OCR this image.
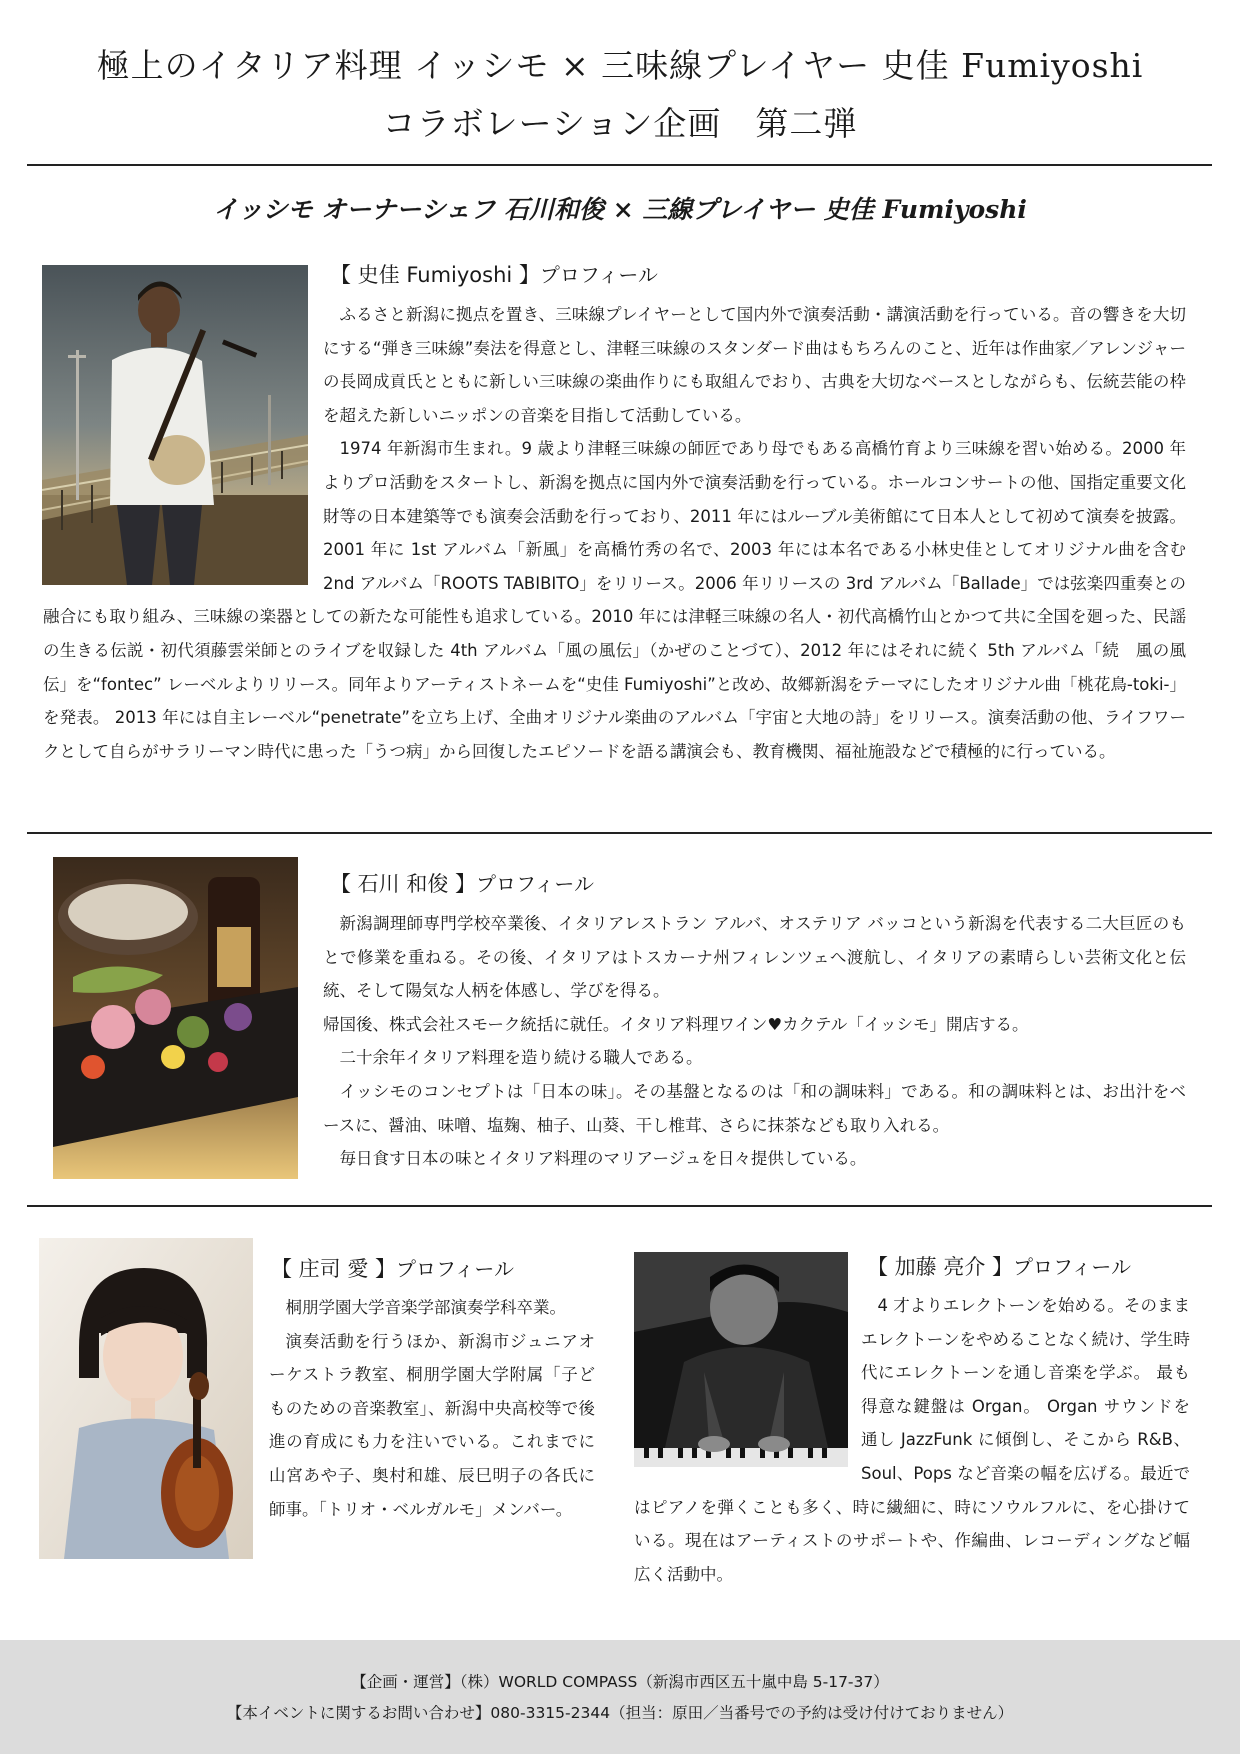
極上のイタリア料理 イッシモ × 三味線プレイヤー 史佳 Fumiyoshi
コラボレーション企画　第二弾
イッシモ オーナーシェフ 石川和俊 × 三線プレイヤー 史佳 Fumiyoshi
【 史佳 Fumiyoshi 】プロフィール

ふるさと新潟に拠点を置き、三味線プレイヤーとして国内外で演奏活動・講演活動を行っている。音の響きを大切にする“弾き三味線”奏法を得意とし、津軽三味線のスタンダード曲はもちろんのこと、近年は作曲家／アレンジャーの長岡成貢氏とともに新しい三味線の楽曲作りにも取組んでおり、古典を大切なベースとしながらも、伝統芸能の枠を超えた新しいニッポンの音楽を目指して活動している。

1974 年新潟市生まれ。9 歳より津軽三味線の師匠であり母でもある高橋竹育より三味線を習い始める。2000 年よりプロ活動をスタートし、新潟を拠点に国内外で演奏活動を行っている。ホールコンサートの他、国指定重要文化財等の日本建築等でも演奏会活動を行っており、2011 年にはルーブル美術館にて日本人として初めて演奏を披露。2001 年に 1st アルバム「新風」を高橋竹秀の名で、2003 年には本名である小林史佳としてオリジナル曲を含む 2nd アルバム「ROOTS TABIBITO」をリリース。2006 年リリースの 3rd アルバム「Ballade」では弦楽四重奏との融合にも取り組み、三味線の楽器としての新たな可能性も追求している。2010 年には津軽三味線の名人・初代高橋竹山とかつて共に全国を廻った、民謡の生きる伝説・初代須藤雲栄師とのライブを収録した 4th アルバム「風の風伝」（かぜのことづて）、2012 年にはそれに続く 5th アルバム「続　風の風伝」を“fontec” レーベルよりリリース。同年よりアーティストネームを“史佳 Fumiyoshi”と改め、故郷新潟をテーマにしたオリジナル曲「桃花鳥-toki-」を発表。 2013 年には自主レーベル“penetrate”を立ち上げ、全曲オリジナル楽曲のアルバム「宇宙と大地の詩」をリリース。演奏活動の他、ライフワークとして自らがサラリーマン時代に患った「うつ病」から回復したエピソードを語る講演会も、教育機関、福祉施設などで積極的に行っている。

【 石川 和俊 】プロフィール

新潟調理師専門学校卒業後、イタリアレストラン アルバ、オステリア バッコという新潟を代表する二大巨匠のもとで修業を重ねる。その後、イタリアはトスカーナ州フィレンツェへ渡航し、イタリアの素晴らしい芸術文化と伝統、そして陽気な人柄を体感し、学びを得る。

帰国後、株式会社スモーク統括に就任。イタリア料理ワイン♥カクテル「イッシモ」開店する。

二十余年イタリア料理を造り続ける職人である。

イッシモのコンセプトは「日本の味」。その基盤となるのは「和の調味料」である。和の調味料とは、お出汁をベースに、醤油、味噌、塩麹、柚子、山葵、干し椎茸、さらに抹茶なども取り入れる。

毎日食す日本の味とイタリア料理のマリアージュを日々提供している。

【 庄司 愛 】プロフィール

桐朋学園大学音楽学部演奏学科卒業。

演奏活動を行うほか、新潟市ジュニアオーケストラ教室、桐朋学園大学附属「子どものための音楽教室」、新潟中央高校等で後進の育成にも力を注いでいる。これまでに山宮あや子、奥村和雄、辰巳明子の各氏に師事。「トリオ・ベルガルモ」メンバー。

【 加藤 亮介 】プロフィール

4 才よりエレクトーンを始める。そのままエレクトーンをやめることなく続け、学生時代にエレクトーンを通し音楽を学ぶ。 最も得意な鍵盤は Organ。 Organ サウンドを通し JazzFunk に傾倒し、そこから R&B、Soul、Pops など音楽の幅を広げる。最近ではピアノを弾くことも多く、時に繊細に、時にソウルフルに、を心掛けている。現在はアーティストのサポートや、作編曲、レコーディングなど幅広く活動中。

【企画・運営】（株）WORLD COMPASS（新潟市西区五十嵐中島 5-17-37）
【本イベントに関するお問い合わせ】080-3315-2344（担当：原田／当番号での予約は受け付けておりません）
